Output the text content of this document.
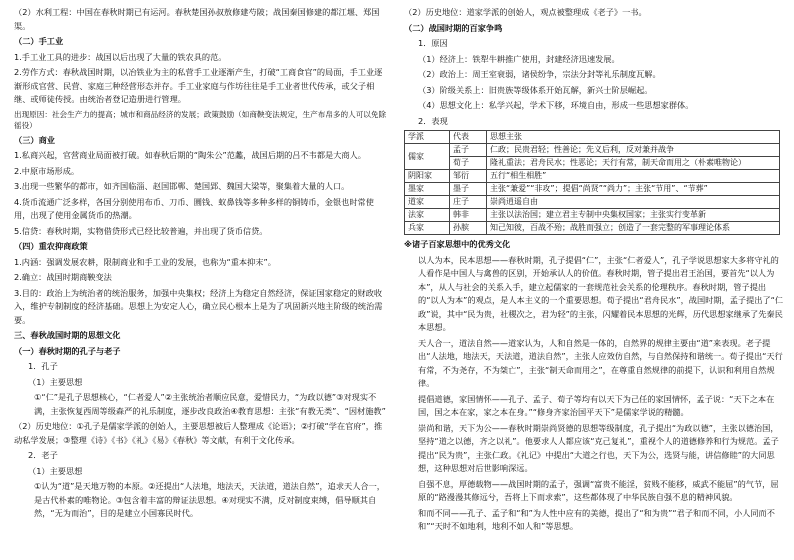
（2）水利工程：中国在春秋时期已有运河。春秋楚国孙叔敖修建芍陂；战国秦国修建的都江堰、郑国渠。

（二）手工业

1.手工业工具的进步：战国以后出现了大量的铁农具的范。

2.劳作方式：春秋战国时期，以冶铁业为主的私营手工业逐渐产生，打破“工商食官”的局面，手工业逐渐形成官营、民营、家庭三种经营形态并存。手工业家庭与作坊往往是手工业者世代传承，或父子相继、或师徒传授。由统治者登记造册进行管理。

出现原因：社会生产力的提高；城市和商品经济的发展；政策鼓励（如商鞅变法规定，生产布帛多的人可以免除徭役）

（三）商业

1.私商兴起，官营商业局面被打破。如春秋后期的“陶朱公”范蠡，战国后期的吕不韦都是大商人。

2.中原市场形成。

3.出现一些繁华的都市，如齐国临淄、赵国邯郸、楚国郢、魏国大梁等，聚集着大量的人口。

4.货币流通广泛多样，各国分别使用布币、刀币、圜钱、蚁鼻钱等多种多样的铜铸币，金银也时常使用，出现了使用金属货币的热潮。

5.信贷：春秋时期，实物借贷形式已经比较普遍，并出现了货币信贷。

（四）重农抑商政策

1.内涵：强调发展农耕，限制商业和手工业的发展，也称为“重本抑末”。

2.确立：战国时期商鞅变法

3.目的：政治上为统治者的统治服务，加强中央集权；经济上为稳定自然经济，保证国家稳定的财政收入，维护专制制度的经济基础。思想上为安定人心，确立民心根本上是为了巩固新兴地主阶级的统治需要。

三、春秋战国时期的思想文化

（一）春秋时期的孔子与老子

1．孔子

（1）主要思想

①“仁”是孔子思想核心，“仁者爱人”②主张统治者顺应民意，爱惜民力，“为政以德”③对现实不满，主张恢复西周等级森严的礼乐制度，逐步改良政治④教育思想：主张“有教无类”、“因材施教”

（2）历史地位：①孔子是儒家学派的创始人，主要思想被后人整理成《论语》；②打破“学在官府”，推动私学发展；③整理《诗》《书》《礼》《易》《春秋》等文献，有利于文化传承。

2．老子

（1）主要思想

①认为“道”是天地万物的本原。②还提出“人法地，地法天，天法道，道法自然”，追求天人合一，是古代朴素的唯物论。③包含着丰富的辩证法思想。④对现实不满，反对制度束缚，倡导顺其自然，“无为而治”，目的是建立小国寡民时代。

（2）历史地位：道家学派的创始人，观点被整理成《老子》一书。

（二）战国时期的百家争鸣

1．原因

（1）经济上：铁犁牛耕推广使用，封建经济迅速发展。

（2）政治上：周王室衰弱，诸侯纷争，宗法分封等礼乐制度瓦解。

（3）阶级关系上：旧贵族等级体系开始瓦解，新兴士阶层崛起。

（4）思想文化上：私学兴起，学术下移，环境自由，形成一些思想家群体。

2．表现

学派	代表	思想主张
儒家	孟子	仁政；民贵君轻；性善论；先义后利，反对兼并战争
	荀子	隆礼重法；君舟民水；性恶论；天行有常，制天命而用之（朴素唯物论）
阴阳家	邹衍	五行“相生相胜”
墨家	墨子	主张“兼爱”“非攻”；提倡“尚贤”“尚力”；主张“节用”、“节葬”
道家	庄子	崇尚逍遥自由
法家	韩非	主张以法治国；建立君主专制中央集权国家；主张实行变革新
兵家	孙膑	知己知彼，百战不殆；战胜而强立；创造了一套完整的军事理论体系

※诸子百家思想中的优秀文化

以人为本，民本思想——春秋时期，孔子提倡“仁”，主张“仁者爱人”，孔子学说思想家大多将守礼的人看作是中国人与禽兽的区别，开始承认人的价值。春秋时期，管子提出君王治国，要首先“以人为本”，从人与社会的关系入手，建立起儒家的一套规范社会关系的伦理秩序。春秋时期，管子提出的“以人为本”的观点，是人本主义的一个重要思想。荀子提出“君舟民水”，战国时期，孟子提出了“仁政”说，其中“民为贵，社稷次之，君为轻”的主张，闪耀着民本思想的光辉，历代思想家继承了先秦民本思想。

天人合一，道法自然——道家认为，人和自然是一体的，自然界的规律主要由“道”来表现。老子提出“人法地，地法天，天法道，道法自然”，主张人应效仿自然，与自然保持和谐统一。荀子提出“天行有常，不为尧存，不为桀亡”，主张“制天命而用之”，在尊重自然规律的前提下，认识和利用自然规律。

提倡道德，家国情怀——孔子、孟子、荀子等均有以天下为己任的家国情怀，孟子说：“天下之本在国，国之本在家，家之本在身。”“修身齐家治国平天下”是儒家学说的精髓。

崇尚和谐，天下为公——春秋时期崇尚贤德的思想等级制度，孔子提出“为政以德”，主张以德治国，坚持“道之以德，齐之以礼”。他要求人人都应该“克己复礼”，重视个人的道德修养和行为规范。孟子提出“民为贵”，主张仁政。《礼记》中提出“大道之行也，天下为公，选贤与能，讲信修睦”的大同思想，这种思想对后世影响深远。

自强不息，厚德载物——战国时期的孟子，强调“富贵不能淫，贫贱不能移，威武不能屈”的气节，屈原的“路漫漫其修远兮，吾将上下而求索”，这些都体现了中华民族自强不息的精神风貌。

和而不同——孔子、孟子和“和”为人性中应有的美德，提出了“和为贵”“君子和而不同，小人同而不和”“天时不如地利，地利不如人和”等思想。
